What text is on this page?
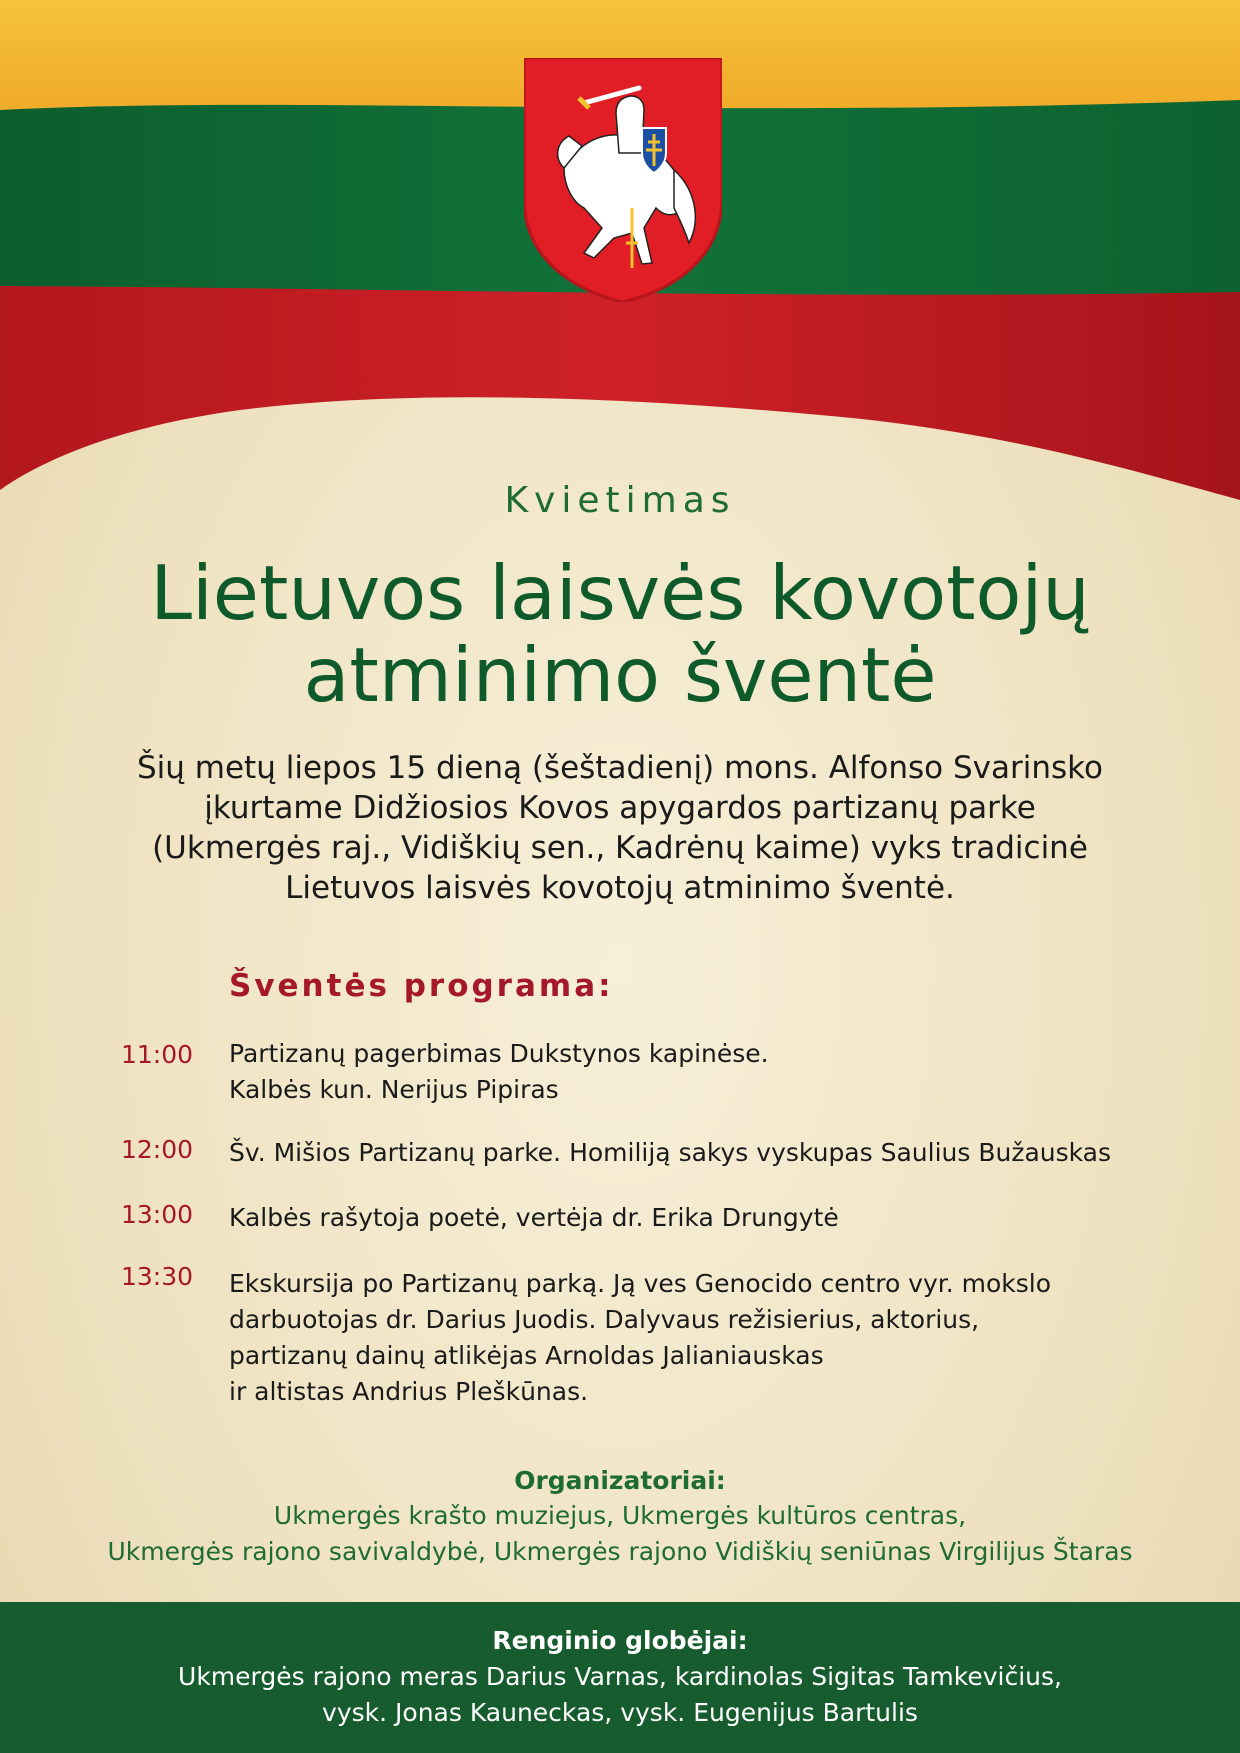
Kvietimas
Lietuvos laisvės kovotojų
atminimo šventė
Šių metų liepos 15 dieną (šeštadienį) mons. Alfonso Svarinsko
įkurtame Didžiosios Kovos apygardos partizanų parke
(Ukmergės raj., Vidiškių sen., Kadrėnų kaime) vyks tradicinė
Lietuvos laisvės kovotojų atminimo šventė.
Šventės programa:
11:00 Partizanų pagerbimas Dukstynos kapinėse.
Kalbės kun. Nerijus Pipiras
12:00 Šv. Mišios Partizanų parke. Homiliją sakys vyskupas Saulius Bužauskas
13:00 Kalbės rašytoja poetė, vertėja dr. Erika Drungytė
13:30 Ekskursija po Partizanų parką. Ją ves Genocido centro vyr. mokslo
darbuotojas dr. Darius Juodis. Dalyvaus režisierius, aktorius,
partizanų dainų atlikėjas Arnoldas Jalianiauskas
ir altistas Andrius Pleškūnas.
Organizatoriai:
Ukmergės krašto muziejus, Ukmergės kultūros centras,
Ukmergės rajono savivaldybė, Ukmergės rajono Vidiškių seniūnas Virgilijus Štaras
Renginio globėjai:
Ukmergės rajono meras Darius Varnas, kardinolas Sigitas Tamkevičius,
vysk. Jonas Kauneckas, vysk. Eugenijus Bartulis
